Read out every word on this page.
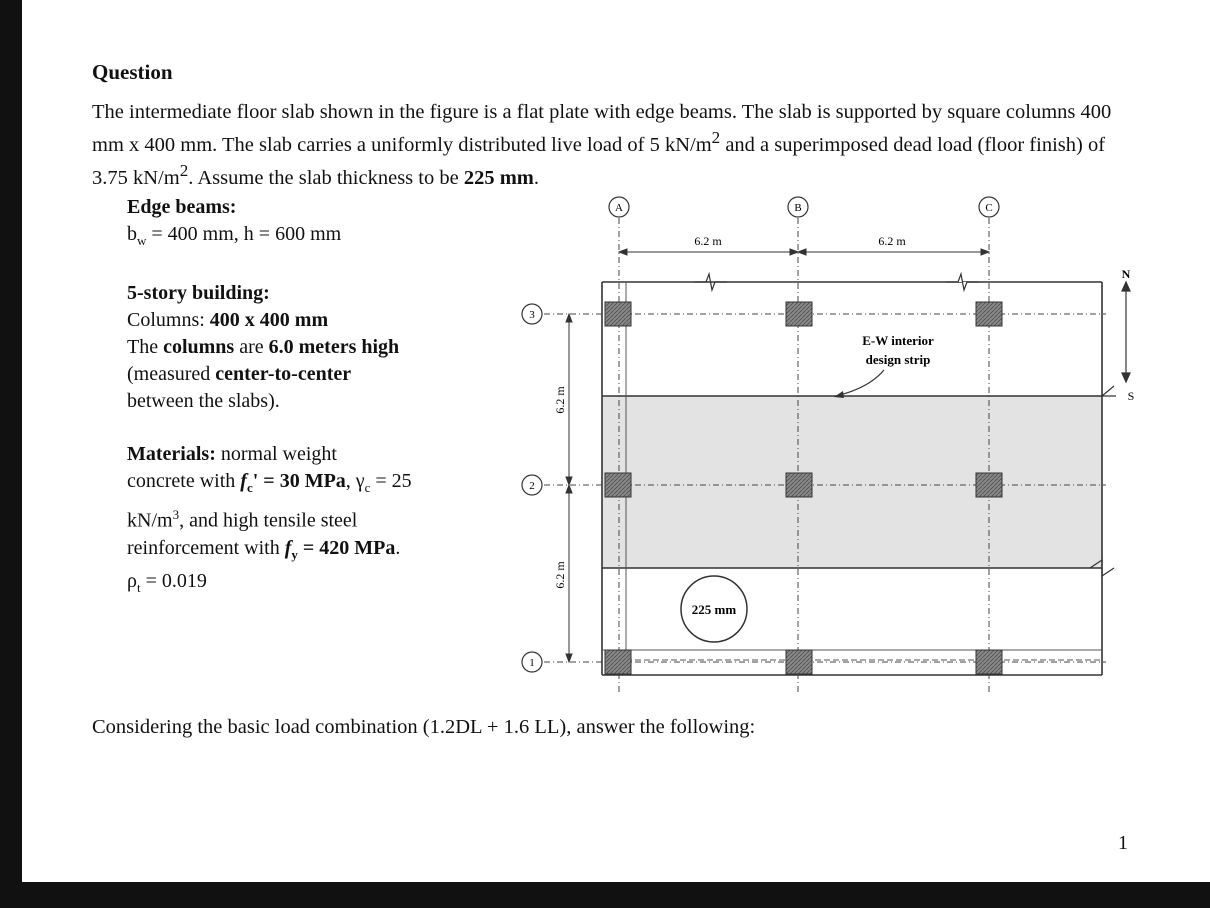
Question
The intermediate floor slab shown in the figure is a flat plate with edge beams. The slab is supported by square columns 400 mm x 400 mm. The slab carries a uniformly distributed live load of 5 $kN/m^2$ and a superimposed dead load (floor finish) of 3.75 $kN/m^2$. Assume the slab thickness to be 225 mm.
Edge beams:
$b_w = 400$ mm, h = 600 mm
5-story building:
Columns: 400 x 400 mm
The columns are 6.0 meters high
(measured center-to-center
between the slabs).
Materials: normal weight
concrete with $f_c' = 30$ MPa, $\gamma_c = 25$
$kN/m^3$, and high tensile steel
reinforcement with $f_y = 420$ MPa.
$\rho_t = 0.019$
A	B	C
3
2
1
6.2 m	6.2 m
6.2 m
6.2 m
N
S
E-W interior
design strip
225 mm
Considering the basic load combination (1.2DL + 1.6 LL), answer the following:
1
